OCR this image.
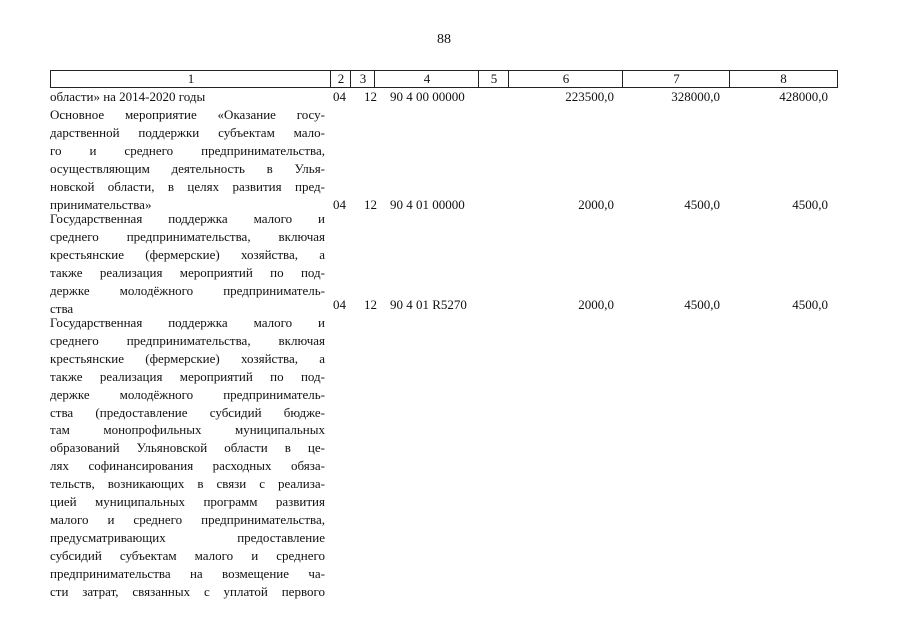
88
1	2	3	4	5	6	7	8
области» на 2014-2020 годы	04 12 90 4 00 00000	223500,0	328000,0	428000,0
Основное мероприятие «Оказание госу-
дарственной поддержки субъектам мало-
го и среднего предпринимательства,
осуществляющим деятельность в Улья-
новской области, в целях развития пред-
принимательства»	04 12 90 4 01 00000	2000,0	4500,0	4500,0
Государственная поддержка малого и
среднего предпринимательства, включая
крестьянские (фермерские) хозяйства, а
также реализация мероприятий по под-
держке молодёжного предприниматель-
ства	04 12 90 4 01 R5270	2000,0	4500,0	4500,0
Государственная поддержка малого и
среднего предпринимательства, включая
крестьянские (фермерские) хозяйства, а
также реализация мероприятий по под-
держке молодёжного предприниматель-
ства (предоставление субсидий бюдже-
там монопрофильных муниципальных
образований Ульяновской области в це-
лях софинансирования расходных обяза-
тельств, возникающих в связи с реализа-
цией муниципальных программ развития
малого и среднего предпринимательства,
предусматривающих предоставление
субсидий субъектам малого и среднего
предпринимательства на возмещение ча-
сти затрат, связанных с уплатой первого
